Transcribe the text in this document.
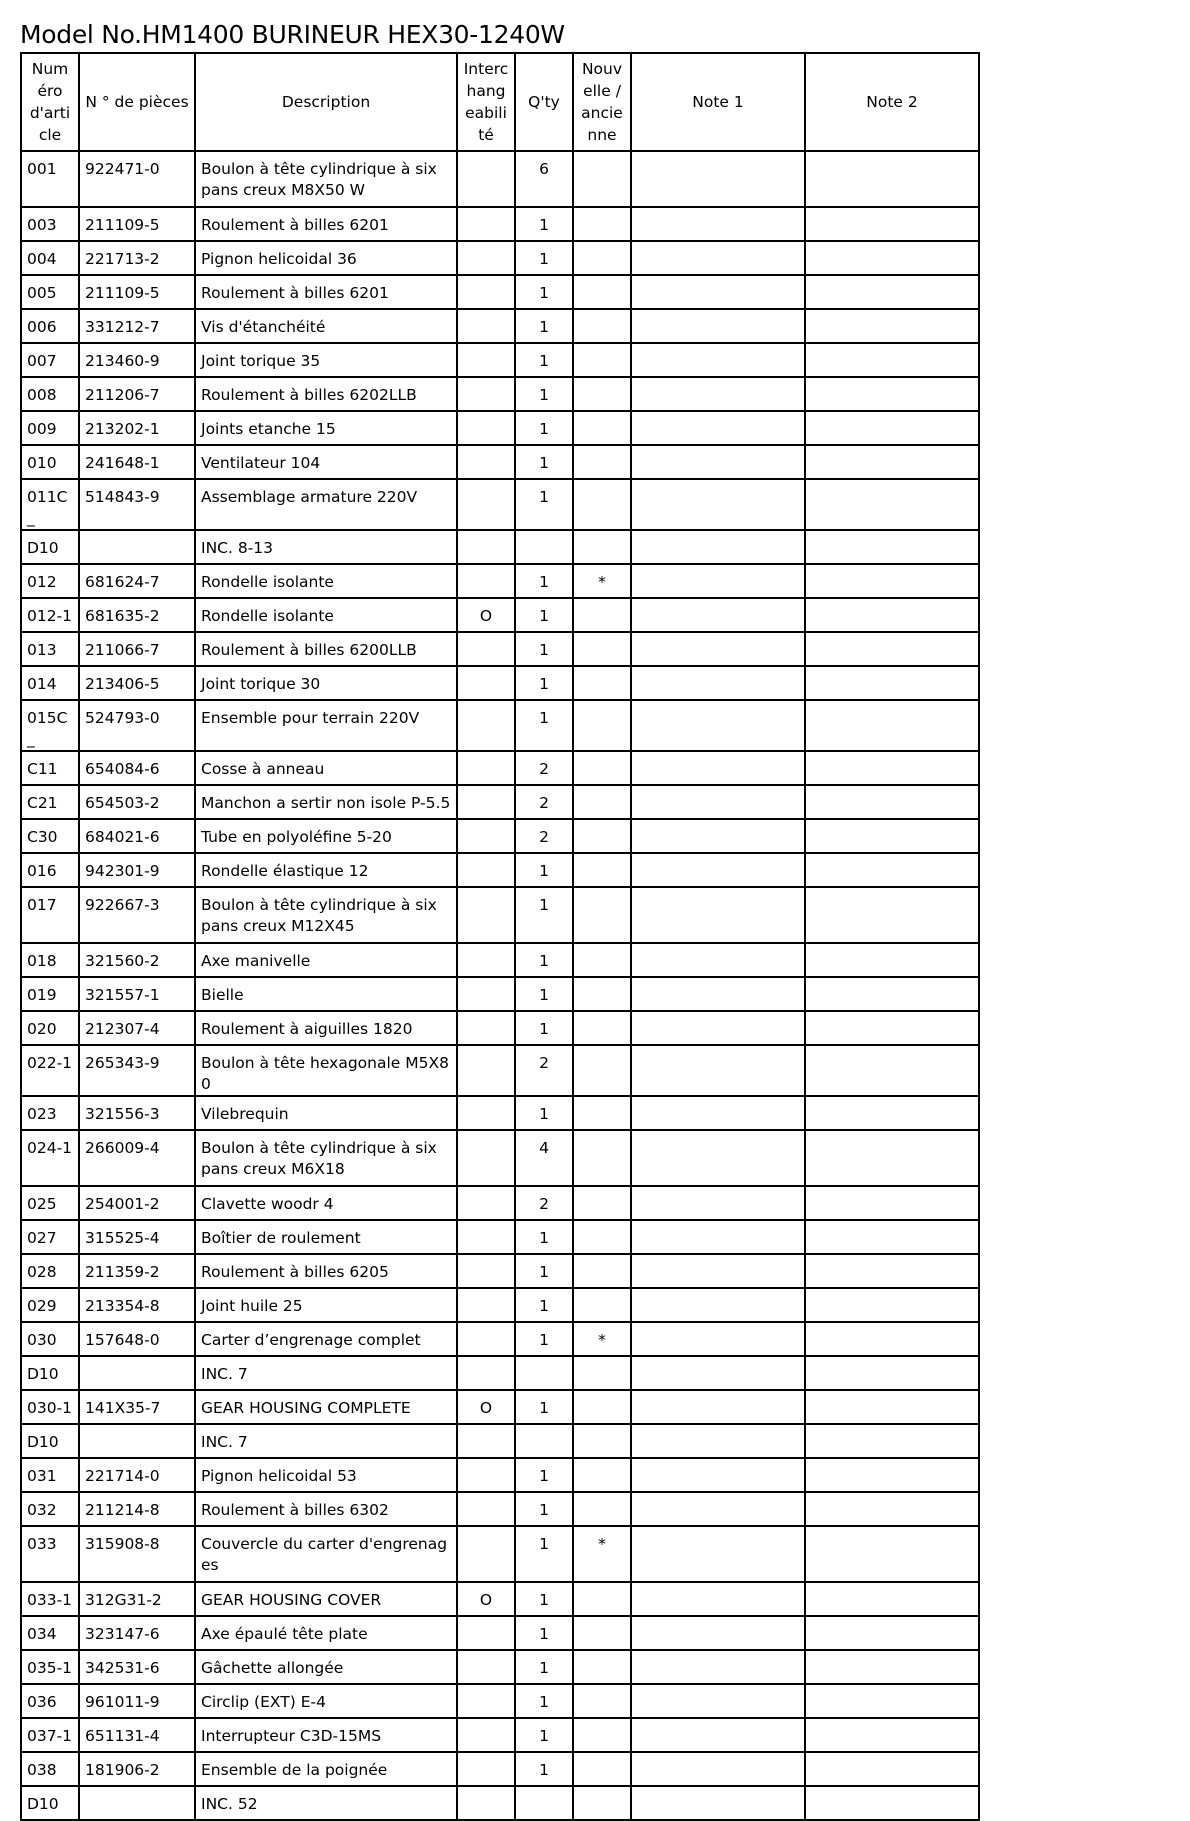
Model No.HM1400 BURINEUR HEX30-1240W
Numéro d'article	N ° de pièces	Description	Interchangeabilité	Q'ty	Nouvelle / ancienne	Note 1	Note 2
001	922471-0	Boulon à tête cylindrique à six pans creux M8X50 W		6			
003	211109-5	Roulement à billes 6201		1			
004	221713-2	Pignon helicoidal 36		1			
005	211109-5	Roulement à billes 6201		1			
006	331212-7	Vis d'étanchéité		1			
007	213460-9	Joint torique 35		1			
008	211206-7	Roulement à billes 6202LLB		1			
009	213202-1	Joints etanche 15		1			
010	241648-1	Ventilateur 104		1			
011C_	514843-9	Assemblage armature 220V		1			
D10		INC. 8-13					
012	681624-7	Rondelle isolante		1	*		
012-1	681635-2	Rondelle isolante	O	1			
013	211066-7	Roulement à billes 6200LLB		1			
014	213406-5	Joint torique 30		1			
015C_	524793-0	Ensemble pour terrain 220V		1			
C11	654084-6	Cosse à anneau		2			
C21	654503-2	Manchon a sertir non isole P-5.5		2			
C30	684021-6	Tube en polyoléfine 5-20		2			
016	942301-9	Rondelle élastique 12		1			
017	922667-3	Boulon à tête cylindrique à six pans creux M12X45		1			
018	321560-2	Axe manivelle		1			
019	321557-1	Bielle		1			
020	212307-4	Roulement à aiguilles 1820		1			
022-1	265343-9	Boulon à tête hexagonale M5X80		2			
023	321556-3	Vilebrequin		1			
024-1	266009-4	Boulon à tête cylindrique à six pans creux M6X18		4			
025	254001-2	Clavette woodr 4		2			
027	315525-4	Boîtier de roulement		1			
028	211359-2	Roulement à billes 6205		1			
029	213354-8	Joint huile 25		1			
030	157648-0	Carter d’engrenage complet		1	*		
D10		INC. 7					
030-1	141X35-7	GEAR HOUSING COMPLETE	O	1			
D10		INC. 7					
031	221714-0	Pignon helicoidal 53		1			
032	211214-8	Roulement à billes 6302		1			
033	315908-8	Couvercle du carter d'engrenages		1	*		
033-1	312G31-2	GEAR HOUSING COVER	O	1			
034	323147-6	Axe épaulé tête plate		1			
035-1	342531-6	Gâchette allongée		1			
036	961011-9	Circlip (EXT) E-4		1			
037-1	651131-4	Interrupteur C3D-15MS		1			
038	181906-2	Ensemble de la poignée		1			
D10		INC. 52					
